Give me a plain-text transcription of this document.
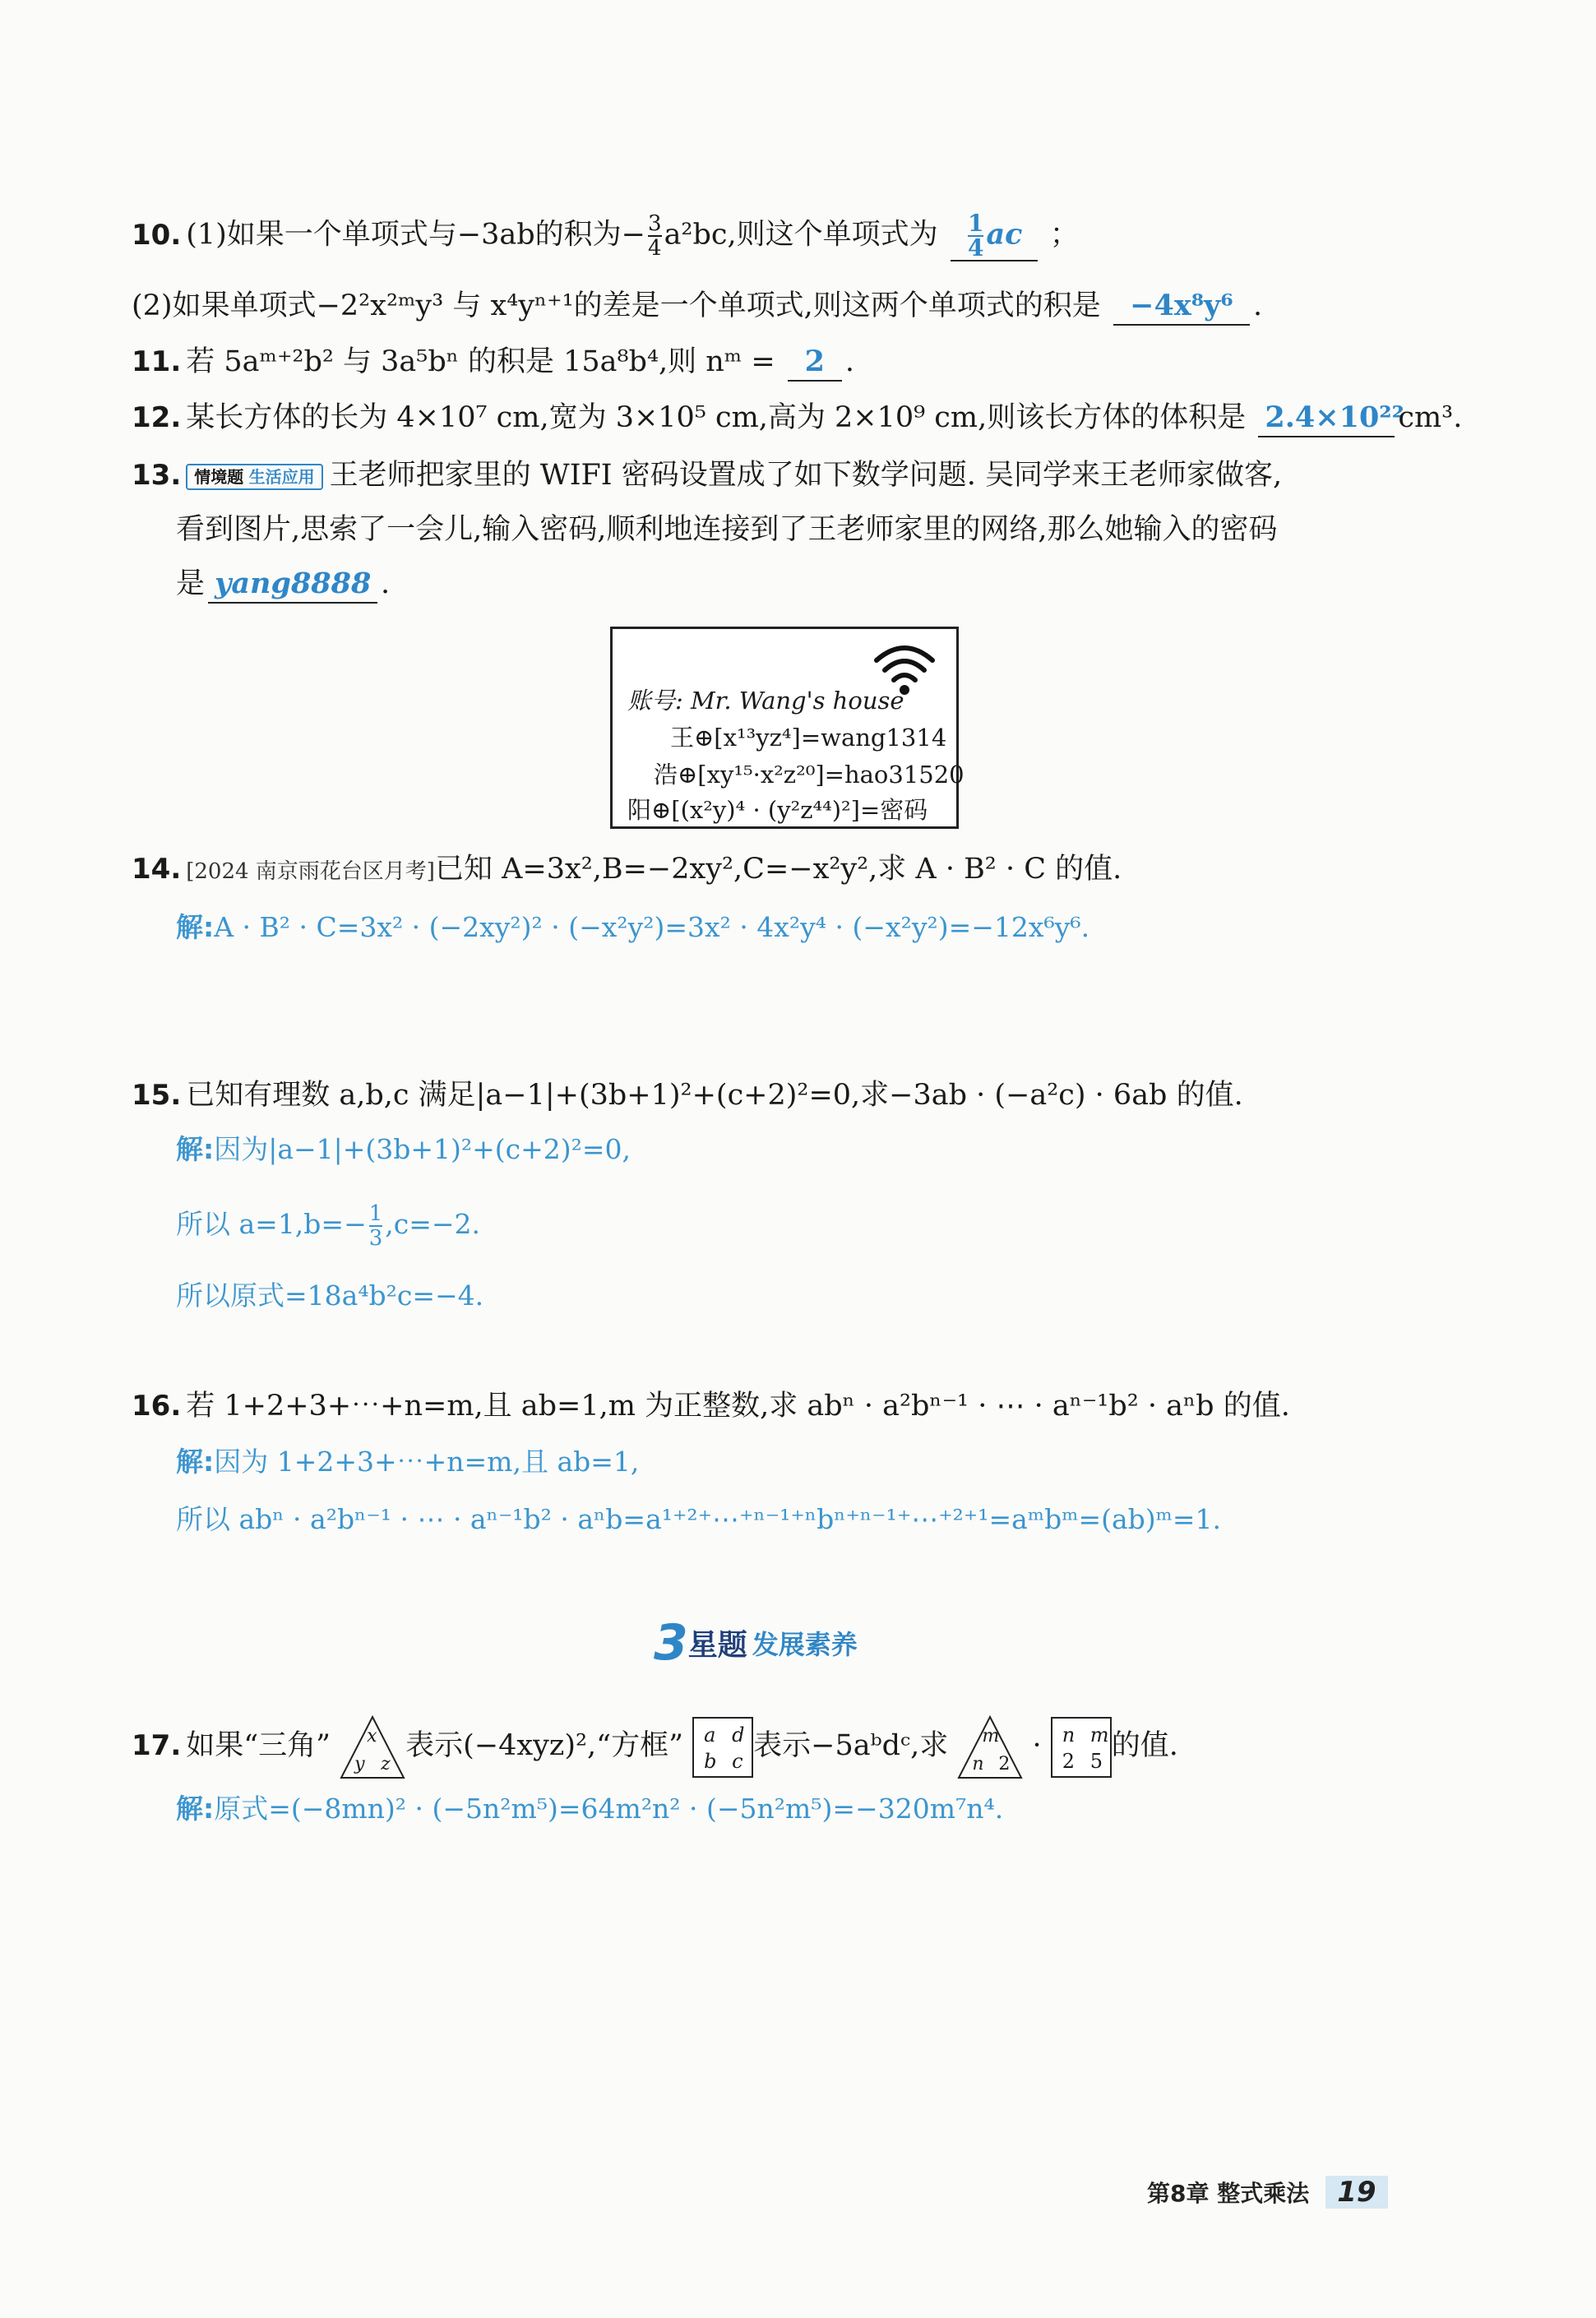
10. (1)如果一个单项式与−3ab的积为− $\frac{3}{4} a^2bc$,则这个单项式为 $\frac{1}{4}$ ac ；
(2)如果单项式−2²x²ᵐy³ 与 x⁴yⁿ⁺¹的差是一个单项式,则这两个单项式的积是 −4x⁸y⁶ .
11. 若 5aᵐ⁺²b² 与 3a⁵bⁿ 的积是 15a⁸b⁴,则 nᵐ = 2 .
12. 某长方体的长为 4×10⁷ cm,宽为 3×10⁵ cm,高为 2×10⁹ cm,则该长方体的体积是 2.4×10²²cm³.
13. 情境题 生活应用 王老师把家里的 WIFI 密码设置成了如下数学问题. 吴同学来王老师家做客,
看到图片,思索了一会儿,输入密码,顺利地连接到了王老师家里的网络,那么她输入的密码
是 yang8888 .
账号: Mr. Wang's house
王⊕[x¹³yz⁴]=wang1314
浩⊕[xy¹⁵·x²z²⁰]=hao31520
阳⊕[(x²y)⁴ · (y²z⁴⁴)²]=密码
14. [2024 南京雨花台区月考]已知 A=3x²,B=−2xy²,C=−x²y²,求 A · B² · C 的值.
解:A · B² · C=3x² · (−2xy²)² · (−x²y²)=3x² · 4x²y⁴ · (−x²y²)=−12x⁶y⁶.
15. 已知有理数 a,b,c 满足|a−1|+(3b+1)²+(c+2)²=0,求−3ab · (−a²c) · 6ab 的值.
解:因为|a−1|+(3b+1)²+(c+2)²=0,
所以 $a=1,b=- \frac{1}{3} ,c=-2$.
所以原式=18a⁴b²c=−4.
16. 若 1+2+3+⋯+n=m,且 ab=1,m 为正整数,求 abⁿ · a²bⁿ⁻¹ · ⋯ · aⁿ⁻¹b² · aⁿb 的值.
解:因为 1+2+3+⋯+n=m,且 ab=1,
所以 abⁿ · a²bⁿ⁻¹ · ⋯ · aⁿ⁻¹b² · aⁿb=a¹⁺²⁺⋯⁺ⁿ⁻¹⁺ⁿbⁿ⁺ⁿ⁻¹⁺⋯⁺²⁺¹=aᵐbᵐ=(ab)ᵐ=1.
3星题 发展素养
17. 如果“三角” x
y z
表示(−4xyz)²,“方框” a d
b c 表示−5aᵇdᶜ,求 m
n 2
· n m
2 5 的值.
解:原式=(−8mn)² · (−5n²m⁵)=64m²n² · (−5n²m⁵)=−320m⁷n⁴.
第8章 整式乘法 19
